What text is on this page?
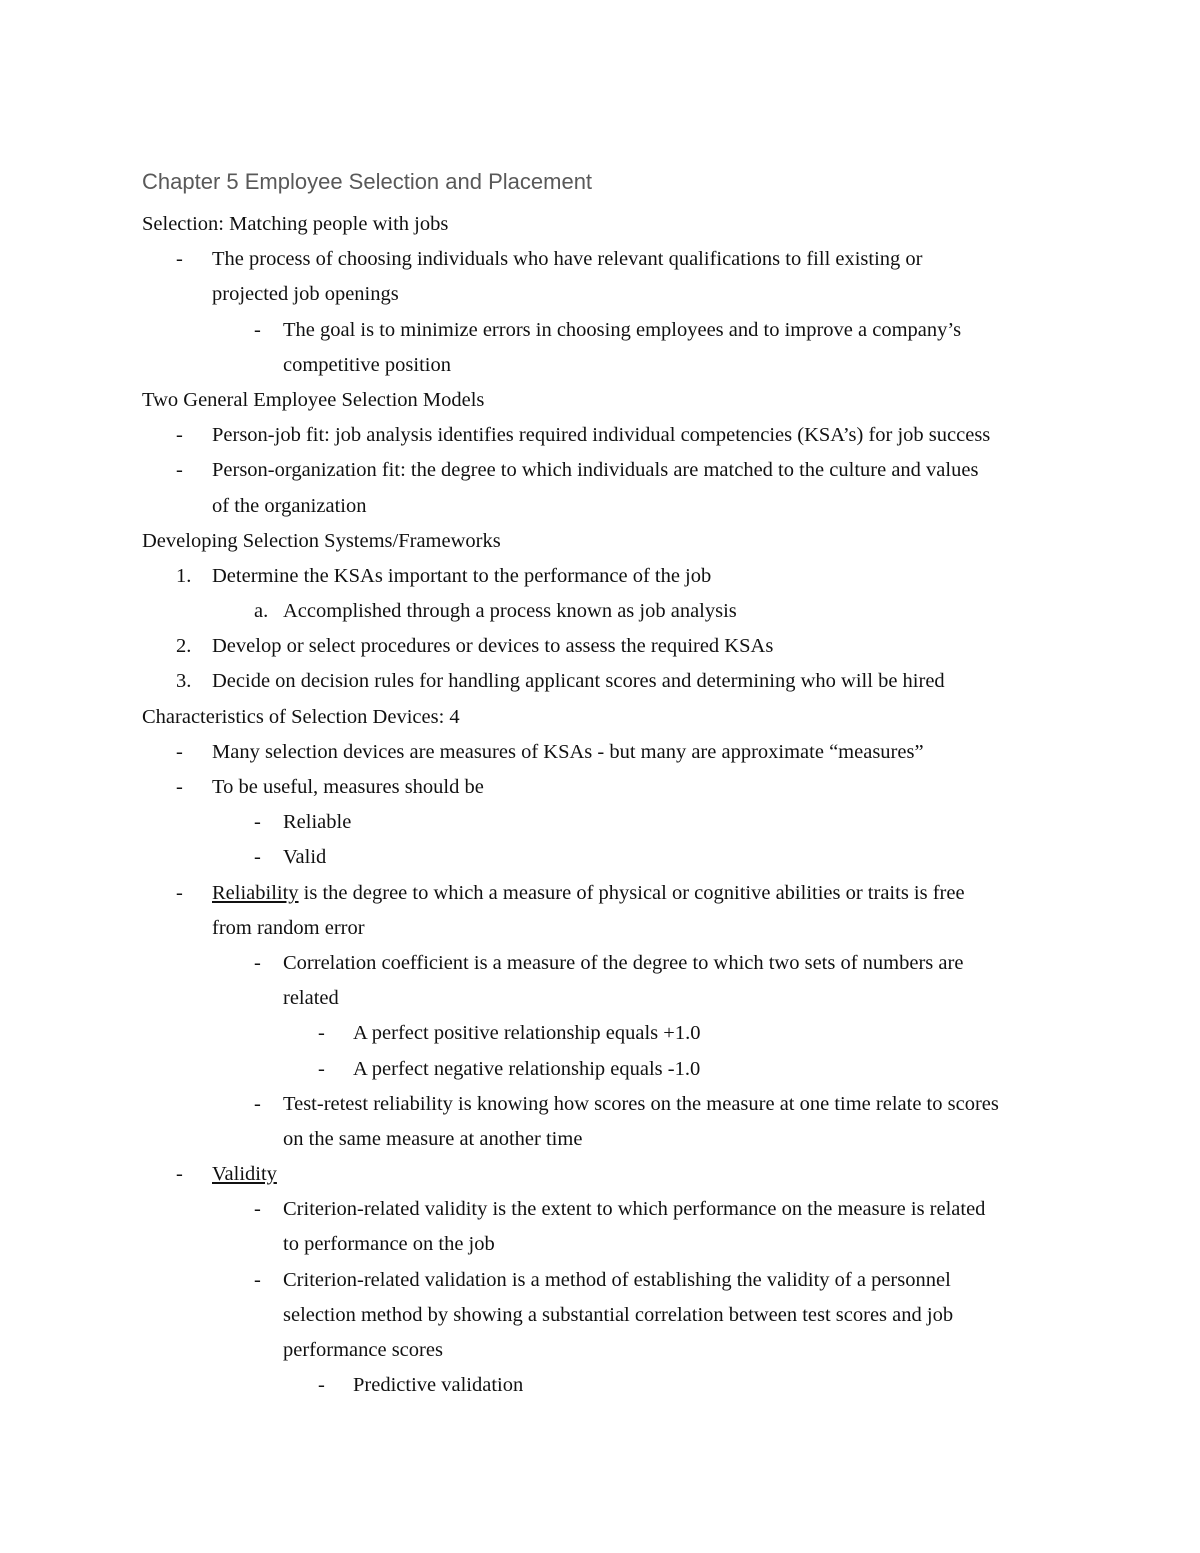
Chapter 5 Employee Selection and Placement
Selection: Matching people with jobs
- The process of choosing individuals who have relevant qualifications to fill existing or
projected job openings
- The goal is to minimize errors in choosing employees and to improve a company’s
competitive position
Two General Employee Selection Models
- Person-job fit: job analysis identifies required individual competencies (KSA’s) for job success
- Person-organization fit: the degree to which individuals are matched to the culture and values
of the organization
Developing Selection Systems/Frameworks
1. Determine the KSAs important to the performance of the job
a. Accomplished through a process known as job analysis
2. Develop or select procedures or devices to assess the required KSAs
3. Decide on decision rules for handling applicant scores and determining who will be hired
Characteristics of Selection Devices: 4
- Many selection devices are measures of KSAs - but many are approximate “measures”
- To be useful, measures should be
- Reliable
- Valid
- Reliability is the degree to which a measure of physical or cognitive abilities or traits is free
from random error
- Correlation coefficient is a measure of the degree to which two sets of numbers are
related
- A perfect positive relationship equals +1.0
- A perfect negative relationship equals -1.0
- Test-retest reliability is knowing how scores on the measure at one time relate to scores
on the same measure at another time
- Validity
- Criterion-related validity is the extent to which performance on the measure is related
to performance on the job
- Criterion-related validation is a method of establishing the validity of a personnel
selection method by showing a substantial correlation between test scores and job
performance scores
- Predictive validation
